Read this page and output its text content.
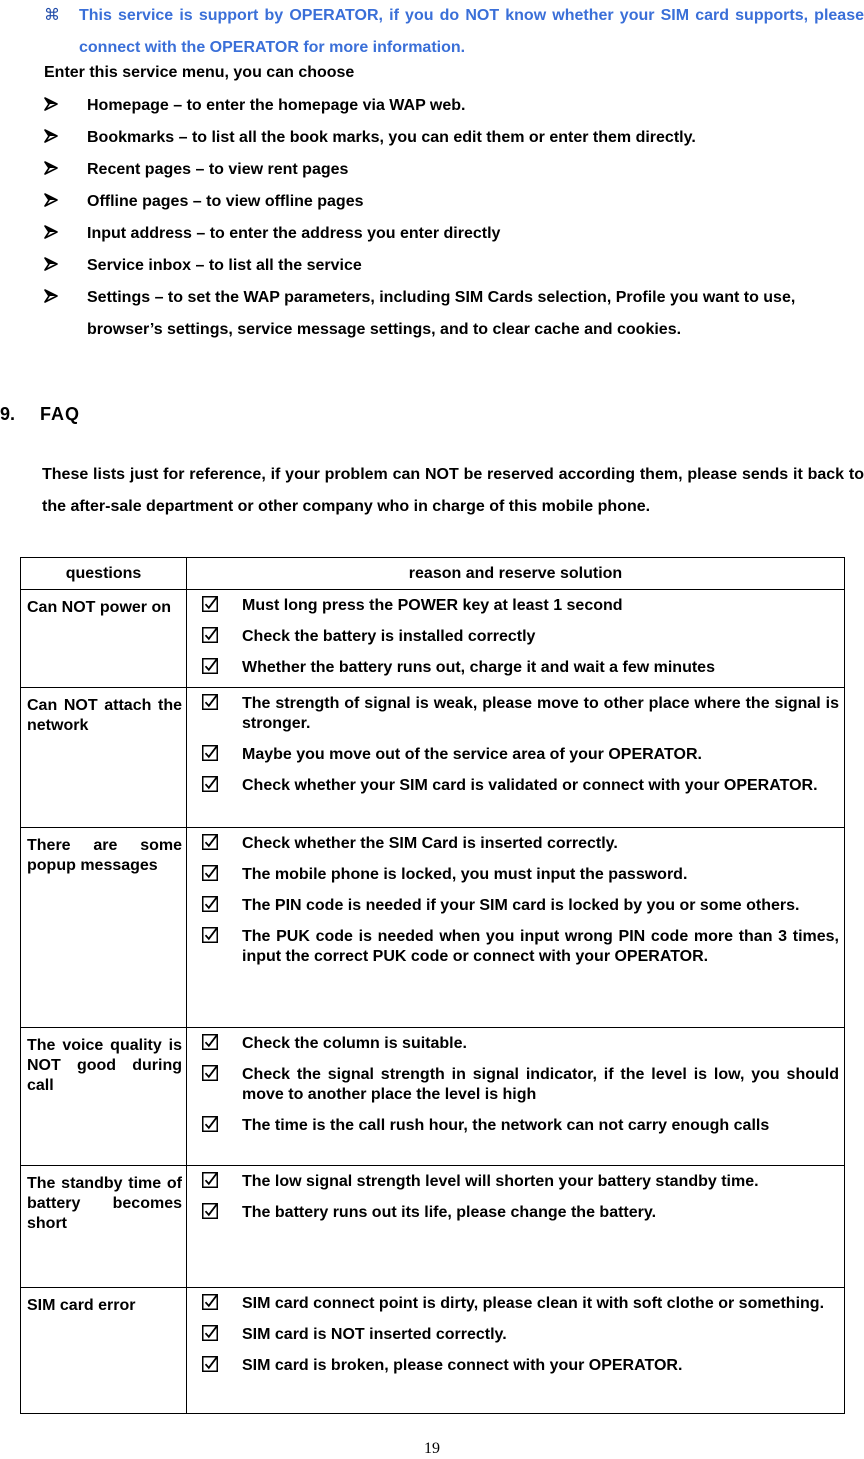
⌘ This service is support by OPERATOR, if you do NOT know whether your SIM card supports, please connect with the OPERATOR for more information.
Enter this service menu, you can choose
Homepage – to enter the homepage via WAP web.
Bookmarks – to list all the book marks, you can edit them or enter them directly.
Recent pages – to view rent pages
Offline pages – to view offline pages
Input address – to enter the address you enter directly
Service inbox – to list all the service
Settings – to set the WAP parameters, including SIM Cards selection, Profile you want to use, browser’s settings, service message settings, and to clear cache and cookies.
9.	FAQ
These lists just for reference, if your problem can NOT be reserved according them, please sends it back to the after-sale department or other company who in charge of this mobile phone.
questions	reason and reserve solution
Can NOT power on	Must long press the POWER key at least 1 second
Check the battery is installed correctly
Whether the battery runs out, charge it and wait a few minutes

Can NOT attach the network	The strength of signal is weak, please move to other place where the signal is stronger.
Maybe you move out of the service area of your OPERATOR.
Check whether your SIM card is validated or connect with your OPERATOR.

There are some popup messages	Check whether the SIM Card is inserted correctly.
The mobile phone is locked, you must input the password.
The PIN code is needed if your SIM card is locked by you or some others.
The PUK code is needed when you input wrong PIN code more than 3 times, input the correct PUK code or connect with your OPERATOR.

The voice quality is NOT good during call	Check the column is suitable.
Check the signal strength in signal indicator, if the level is low, you should move to another place the level is high
The time is the call rush hour, the network can not carry enough calls

The standby time of battery becomes short	The low signal strength level will shorten your battery standby time.
The battery runs out its life, please change the battery.

SIM card error	SIM card connect point is dirty, please clean it with soft clothe or something.
SIM card is NOT inserted correctly.
SIM card is broken, please connect with your OPERATOR.
19
